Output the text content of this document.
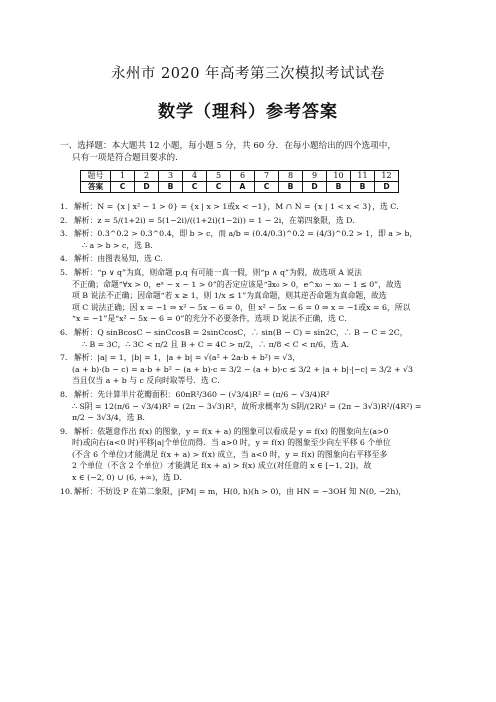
永州市 2020 年高考第三次模拟考试试卷
数学（理科）参考答案
一、选择题：本大题共 12 小题，每小题 5 分，共 60 分．在每小题给出的四个选项中，
只有一项是符合题目要求的．
题号	1	2	3	4	5	6	7	8	9	10	11	12
答案	C	D	B	C	C	A	C	B	D	B	B	D
1．解析：N = {x | x² − 1 > 0} = {x | x > 1或x < −1}，M ∩ N = {x | 1 < x < 3}，选 C．
2．解析：z = 5/(1+2i) = 5(1−2i)/((1+2i)(1−2i)) = 1 − 2i，在第四象限，选 D．
3．解析：0.3^0.2 > 0.3^0.4，即 b > c，而 a/b = (0.4/0.3)^0.2 = (4/3)^0.2 > 1，即 a > b，
∴ a > b > c，选 B．
4．解析：由图表易知，选 C．
5．解析：“p ∨ q”为真，则命题 p,q 有可能一真一假，则“p ∧ q”为假，故选项 A 说法
不正确；命题“∀x > 0，eˣ − x − 1 > 0”的否定应该是“∃x₀ > 0，e^x₀ − x₀ − 1 ≤ 0”，故选
项 B 说法不正确；因命题“若 x ≥ 1，则 1/x ≤ 1”为真命题，则其逆否命题为真命题，故选
项 C 说法正确；因 x = −1 ⇒ x² − 5x − 6 = 0，但 x² − 5x − 6 = 0 ⇒ x = −1或x = 6，所以
“x = −1”是“x² − 5x − 6 = 0”的充分不必要条件，选项 D 说法不正确，选 C．
6．解析：Q sinBcosC − sinCcosB = 2sinCcosC，∴ sin(B − C) = sin2C，∴ B − C = 2C，
∴ B = 3C，∴ 3C < π/2 且 B + C = 4C > π/2，∴ π/8 < C < π/6，选 A．
7．解析：|a| = 1，|b| = 1，|a + b| = √(a² + 2a·b + b²) = √3，
(a + b)·(b − c) = a·b + b² − (a + b)·c = 3/2 − (a + b)·c ≤ 3/2 + |a + b|·|−c| = 3/2 + √3
当且仅当 a + b 与 c 反向时取等号．选 C．
8．解析：先计算半片花瓣面积：60πR²/360 − (√3/4)R² = (π/6 − √3/4)R²
∴ S阴 = 12(π/6 − √3/4)R² = (2π − 3√3)R²，故所求概率为 S阴/(2R)² = (2π − 3√3)R²/(4R²) = π/2 − 3√3/4，选 B．
9．解析：依题意作出 f(x) 的图象，y = f(x + a) 的图象可以看成是 y = f(x) 的图象向左(a>0
时)或向右(a<0 时)平移|a|个单位而得．当 a>0 时，y = f(x) 的图象至少向左平移 6 个单位
(不含 6 个单位)才能满足 f(x + a) > f(x) 成立，当 a<0 时，y = f(x) 的图象向右平移至多
2 个单位（不含 2 个单位）才能满足 f(x + a) > f(x) 成立(对任意的 x ∈ [−1, 2])，故
x ∈ (−2, 0) ∪ (6, +∞)，选 D．
10．解析：不妨设 P 在第二象限，|FM| = m，H(0, h)(h > 0)，由 HN = −3OH 知 N(0, −2h)，
